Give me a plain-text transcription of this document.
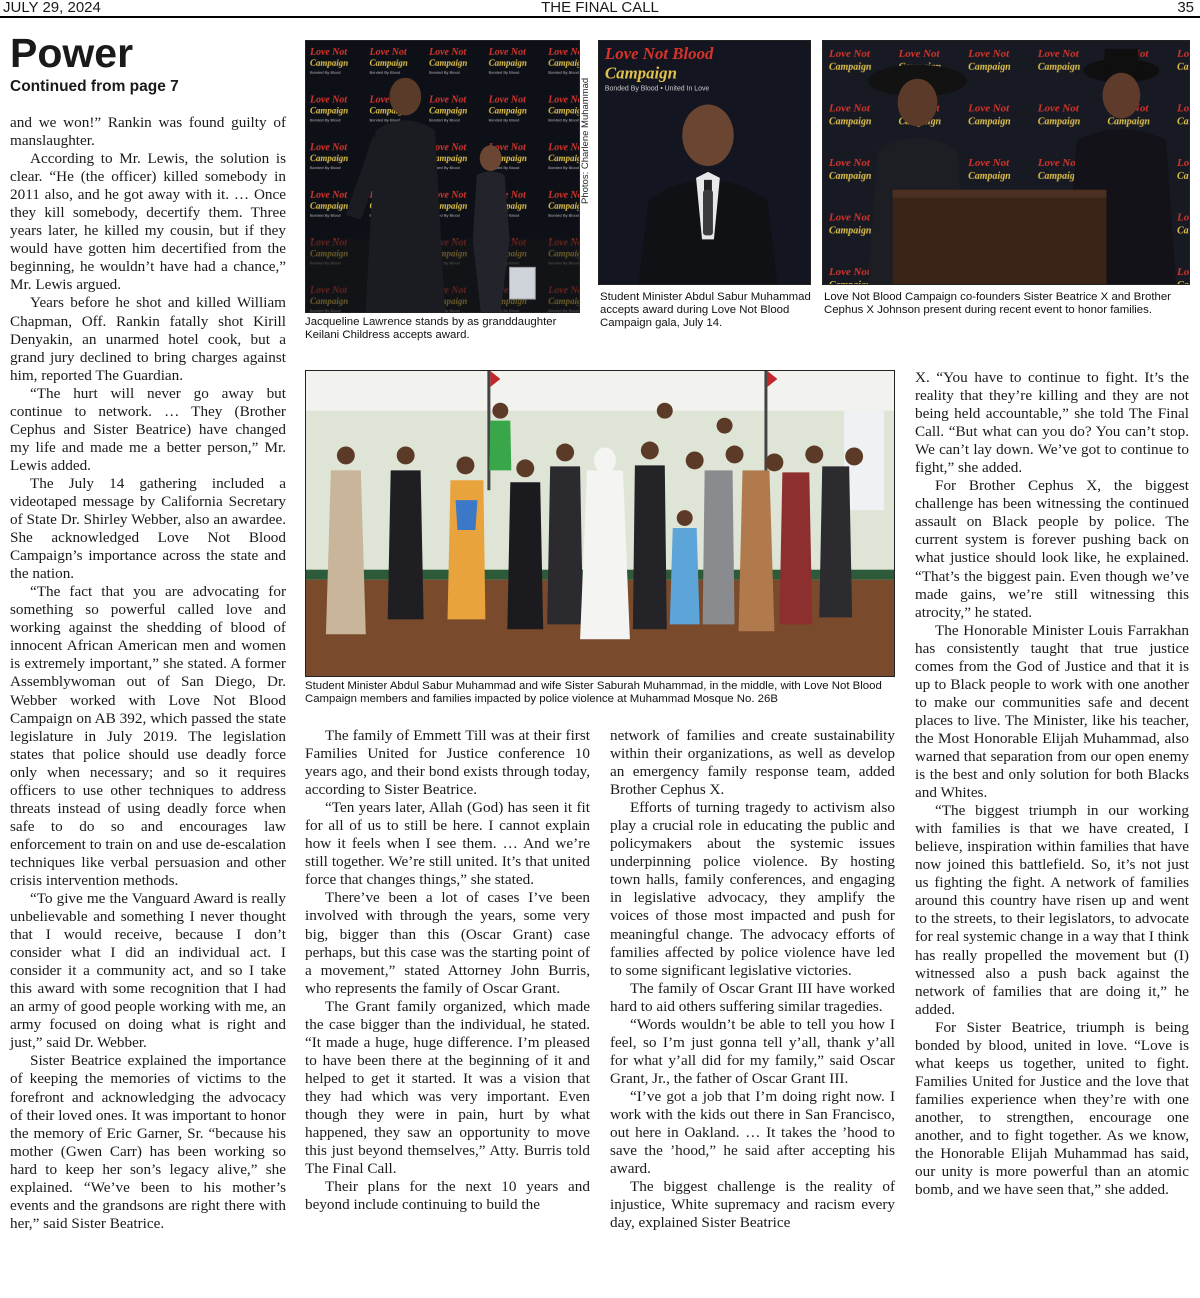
JULY 29, 2024	THE FINAL CALL	35
Power
Continued from page 7

and we won!” Rankin was found guilty of manslaughter.

According to Mr. Lewis, the solution is clear. “He (the officer) killed somebody in 2011 also, and he got away with it. … Once they kill somebody, decertify them. Three years later, he killed my cousin, but if they would have gotten him decertified from the beginning, he wouldn’t have had a chance,” Mr. Lewis argued.

Years before he shot and killed William Chapman, Off. Rankin fatally shot Kirill Denyakin, an unarmed hotel cook, but a grand jury declined to bring charges against him, reported The Guardian.

“The hurt will never go away but continue to network. … They (Brother Cephus and Sister Beatrice) have changed my life and made me a better person,” Mr. Lewis added.

The July 14 gathering included a videotaped message by California Secretary of State Dr. Shirley Webber, also an awardee. She acknowledged Love Not Blood Campaign’s importance across the state and the nation.

“The fact that you are advocating for something so powerful called love and working against the shedding of blood of innocent African American men and women is extremely important,” she stated. A former Assemblywoman out of San Diego, Dr. Webber worked with Love Not Blood Campaign on AB 392, which passed the state legislature in July 2019. The legislation states that police should use deadly force only when necessary; and so it requires officers to use other techniques to address threats instead of using deadly force when safe to do so and encourages law enforcement to train on and use de-escalation techniques like verbal persuasion and other crisis intervention methods.

“To give me the Vanguard Award is really unbelievable and something I never thought that I would receive, because I don’t consider what I did an individual act. I consider it a community act, and so I take this award with some recognition that I had an army of good people working with me, an army focused on doing what is right and just,” said Dr. Webber.

Sister Beatrice explained the importance of keeping the memories of victims to the forefront and acknowledging the advocacy of their loved ones. It was important to honor the memory of Eric Garner, Sr. “because his mother (Gwen Carr) has been working so hard to keep her son’s legacy alive,” she explained. “We’ve been to his mother’s events and the grandsons are right there with her,” said Sister Beatrice.

Jacqueline Lawrence stands by as granddaughter Keilani Childress accepts award.
Photos: Charlene Muhammad
Love Not Blood
Campaign
Bonded By Blood • United In Love
Student Minister Abdul Sabur Muhammad accepts award during Love Not Blood Campaign gala, July 14.
Love Not Blood Campaign co-founders Sister Beatrice X and Brother Cephus X Johnson present during recent event to honor families.
Student Minister Abdul Sabur Muhammad and wife Sister Saburah Muhammad, in the middle, with Love Not Blood Campaign members and families impacted by police violence at Muhammad Mosque No. 26B

The family of Emmett Till was at their first Families United for Justice conference 10 years ago, and their bond exists through today, according to Sister Beatrice.

“Ten years later, Allah (God) has seen it fit for all of us to still be here. I cannot explain how it feels when I see them. … And we’re still together. We’re still united. It’s that united force that changes things,” she stated.

There’ve been a lot of cases I’ve been involved with through the years, some very big, bigger than this (Oscar Grant) case perhaps, but this case was the starting point of a movement,” stated Attorney John Burris, who represents the family of Oscar Grant.

The Grant family organized, which made the case bigger than the individual, he stated. “It made a huge, huge difference. I’m pleased to have been there at the beginning of it and helped to get it started. It was a vision that they had which was very important. Even though they were in pain, hurt by what happened, they saw an opportunity to move this just beyond themselves,” Atty. Burris told The Final Call.

Their plans for the next 10 years and beyond include continuing to build the

network of families and create sustainability within their organizations, as well as develop an emergency family response team, added Brother Cephus X.

Efforts of turning tragedy to activism also play a crucial role in educating the public and policymakers about the systemic issues underpinning police violence. By hosting town halls, family conferences, and engaging in legislative advocacy, they amplify the voices of those most impacted and push for meaningful change. The advocacy efforts of families affected by police violence have led to some significant legislative victories.

The family of Oscar Grant III have worked hard to aid others suffering similar tragedies.

“Words wouldn’t be able to tell you how I feel, so I’m just gonna tell y’all, thank y’all for what y’all did for my family,” said Oscar Grant, Jr., the father of Oscar Grant III.

“I’ve got a job that I’m doing right now. I work with the kids out there in San Francisco, out here in Oakland. … It takes the ’hood to save the ’hood,” he said after accepting his award.

The biggest challenge is the reality of injustice, White supremacy and racism every day, explained Sister Beatrice

X. “You have to continue to fight. It’s the reality that they’re killing and they are not being held accountable,” she told The Final Call. “But what can you do? You can’t stop. We can’t lay down. We’ve got to continue to fight,” she added.

For Brother Cephus X, the biggest challenge has been witnessing the continued assault on Black people by police. The current system is forever pushing back on what justice should look like, he explained. “That’s the biggest pain. Even though we’ve made gains, we’re still witnessing this atrocity,” he stated.

The Honorable Minister Louis Farrakhan has consistently taught that true justice comes from the God of Justice and that it is up to Black people to work with one another to make our communities safe and decent places to live. The Minister, like his teacher, the Most Honorable Elijah Muhammad, also warned that separation from our open enemy is the best and only solution for both Blacks and Whites.

“The biggest triumph in our working with families is that we have created, I believe, inspiration within families that have now joined this battlefield. So, it’s not just us fighting the fight. A network of families around this country have risen up and went to the streets, to their legislators, to advocate for real systemic change in a way that I think has really propelled the movement but (I) witnessed also a push back against the network of families that are doing it,” he added.

For Sister Beatrice, triumph is being bonded by blood, united in love. “Love is what keeps us together, united to fight. Families United for Justice and the love that families experience when they’re with one another, to strengthen, encourage one another, and to fight together. As we know, the Honorable Elijah Muhammad has said, our unity is more powerful than an atomic bomb, and we have seen that,” she added.
